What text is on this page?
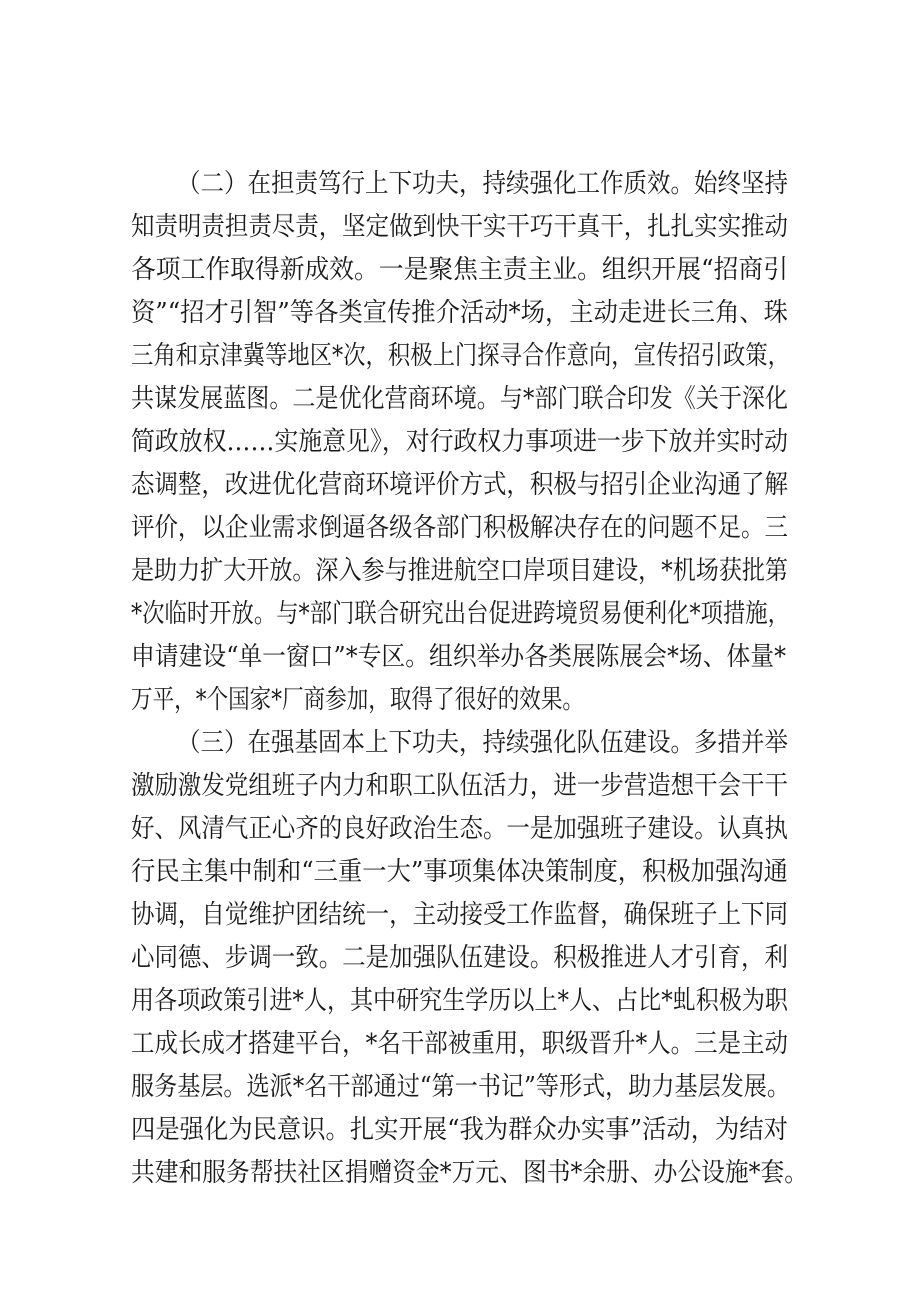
（二）在担责笃行上下功夫，持续强化工作质效。始终坚持

知责明责担责尽责，坚定做到快干实干巧干真干，扎扎实实推动

各项工作取得新成效。一是聚焦主责主业。组织开展“招商引

资”“招才引智”等各类宣传推介活动*场，主动走进长三角、珠

三角和京津冀等地区*次，积极上门探寻合作意向，宣传招引政策，

共谋发展蓝图。二是优化营商环境。与*部门联合印发《关于深化

简政放权……实施意见》，对行政权力事项进一步下放并实时动

态调整，改进优化营商环境评价方式，积极与招引企业沟通了解

评价，以企业需求倒逼各级各部门积极解决存在的问题不足。三

是助力扩大开放。深入参与推进航空口岸项目建设，*机场获批第

*次临时开放。与*部门联合研究出台促进跨境贸易便利化*项措施，

申请建设“单一窗口”*专区。组织举办各类展陈展会*场、体量*

万平，*个国家*厂商参加，取得了很好的效果。

（三）在强基固本上下功夫，持续强化队伍建设。多措并举

激励激发党组班子内力和职工队伍活力，进一步营造想干会干干

好、风清气正心齐的良好政治生态。一是加强班子建设。认真执

行民主集中制和“三重一大”事项集体决策制度，积极加强沟通

协调，自觉维护团结统一，主动接受工作监督，确保班子上下同

心同德、步调一致。二是加强队伍建设。积极推进人才引育，利

用各项政策引进*人，其中研究生学历以上*人、占比*虬积极为职

工成长成才搭建平台，*名干部被重用，职级晋升*人。三是主动

服务基层。选派*名干部通过“第一书记”等形式，助力基层发展。

四是强化为民意识。扎实开展“我为群众办实事”活动，为结对

共建和服务帮扶社区捐赠资金*万元、图书*余册、办公设施*套。
